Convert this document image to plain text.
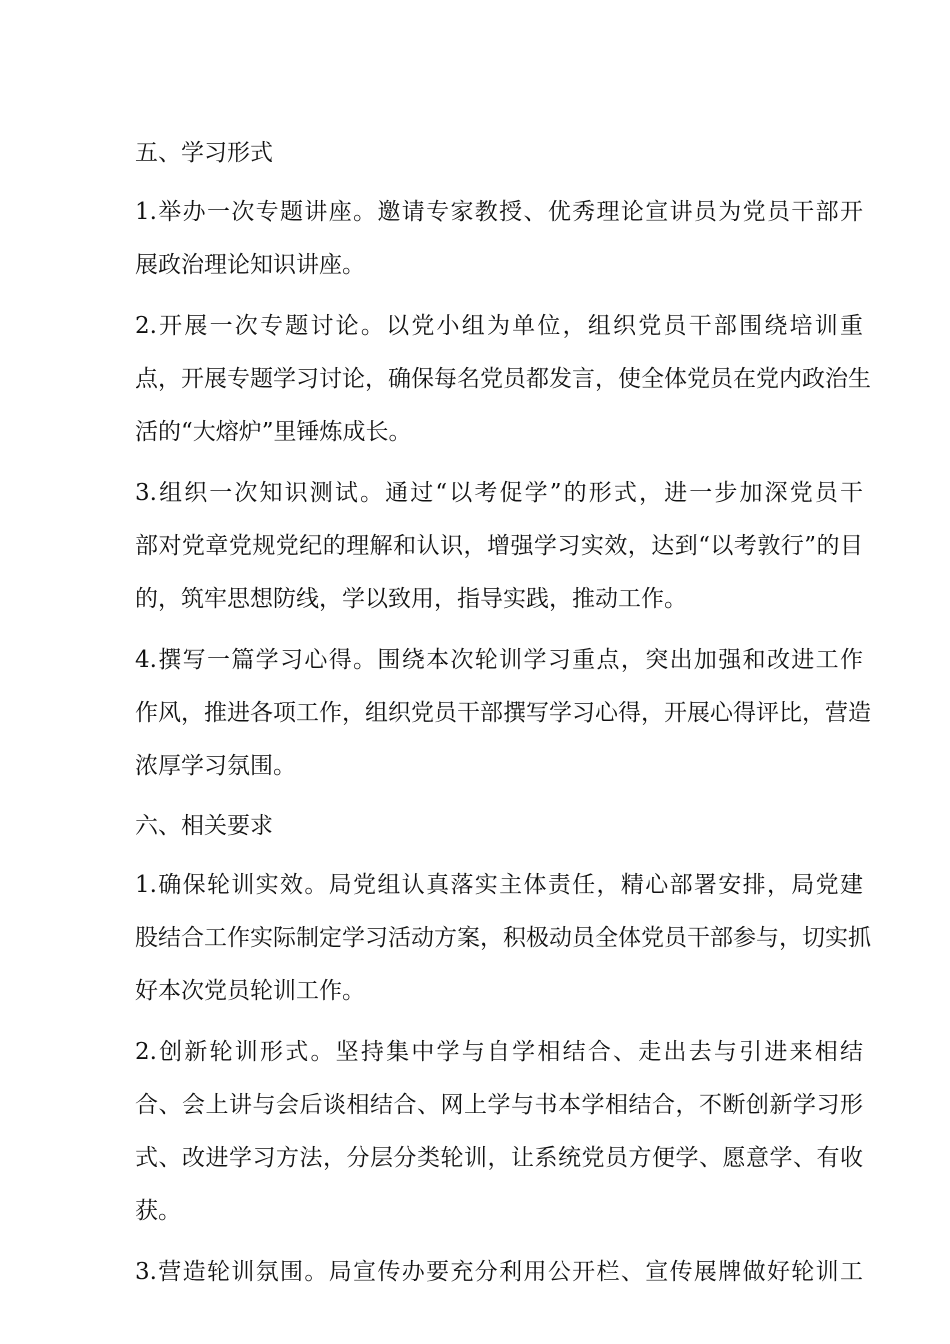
五、学习形式
1.举办一次专题讲座。邀请专家教授、优秀理论宣讲员为党员干部开
展政治理论知识讲座。
2.开展一次专题讨论。以党小组为单位，组织党员干部围绕培训重
点，开展专题学习讨论，确保每名党员都发言，使全体党员在党内政治生
活的“大熔炉”里锤炼成长。
3.组织一次知识测试。通过“以考促学”的形式，进一步加深党员干
部对党章党规党纪的理解和认识，增强学习实效，达到“以考敦行”的目
的，筑牢思想防线，学以致用，指导实践，推动工作。
4.撰写一篇学习心得。围绕本次轮训学习重点，突出加强和改进工作
作风，推进各项工作，组织党员干部撰写学习心得，开展心得评比，营造
浓厚学习氛围。
六、相关要求
1.确保轮训实效。局党组认真落实主体责任，精心部署安排，局党建
股结合工作实际制定学习活动方案，积极动员全体党员干部参与，切实抓
好本次党员轮训工作。
2.创新轮训形式。坚持集中学与自学相结合、走出去与引进来相结
合、会上讲与会后谈相结合、网上学与书本学相结合，不断创新学习形
式、改进学习方法，分层分类轮训，让系统党员方便学、愿意学、有收
获。
3.营造轮训氛围。局宣传办要充分利用公开栏、宣传展牌做好轮训工
